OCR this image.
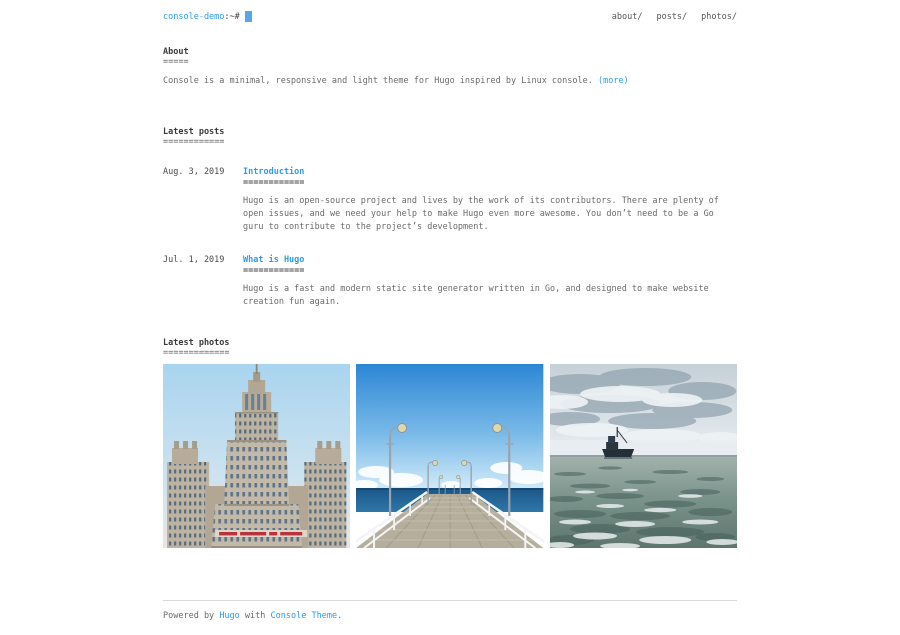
console-demo:~#	about/ posts/ photos/
About
=====

Console is a minimal, responsive and light theme for Hugo inspired by Linux console. (more)

Latest posts
============
Aug. 3, 2019	Introduction
============

Hugo is an open-source project and lives by the work of its contributors. There are plenty of open issues, and we need your help to make Hugo even more awesome. You don’t need to be a Go guru to contribute to the project’s development.

Jul. 1, 2019	What is Hugo
============

Hugo is a fast and modern static site generator written in Go, and designed to make website creation fun again.

Latest photos
=============

Powered by Hugo with Console Theme.
